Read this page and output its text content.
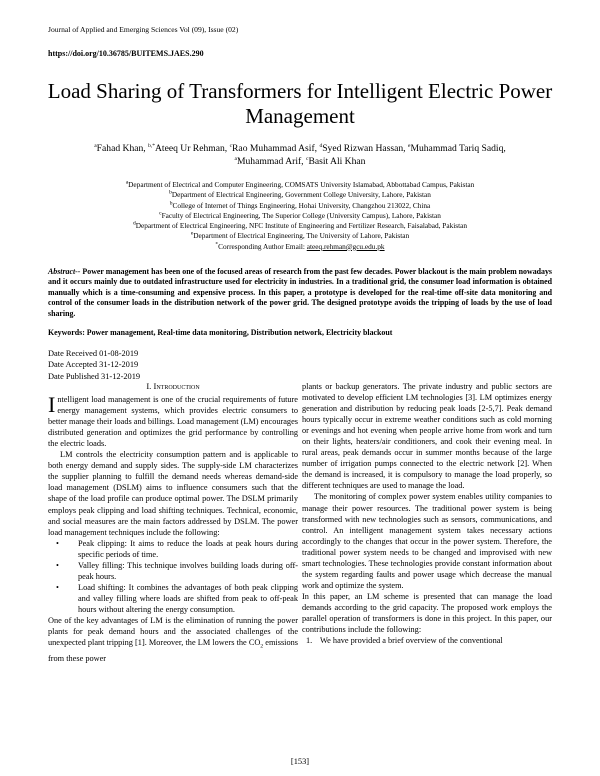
Journal of Applied and Emerging Sciences Vol (09), Issue (02)
https://doi.org/10.36785/BUITEMS.JAES.290
Load Sharing of Transformers for Intelligent Electric Power Management
$^a$Fahad Khan, $^{b,*}$Ateeq Ur Rehman, $^c$Rao Muhammad Asif, $^d$Syed Rizwan Hassan, $^e$Muhammad Tariq Sadiq, $^a$Muhammad Arif, $^c$Basit Ali Khan
$^a$Department of Electrical and Computer Engineering, COMSATS University Islamabad, Abbottabad Campus, Pakistan
$^b$Department of Electrical Engineering, Government College University, Lahore, Pakistan
$^b$College of Internet of Things Engineering, Hohai University, Changzhou 213022, China
$^c$Faculty of Electrical Engineering, The Superior College (University Campus), Lahore, Pakistan
$^d$Department of Electrical Engineering, NFC Institute of Engineering and Fertilizer Research, Faisalabad, Pakistan
$^e$Department of Electrical Engineering, The University of Lahore, Pakistan
*Corresponding Author Email: ateeq.rehman@gcu.edu.pk
Abstract-- Power management has been one of the focused areas of research from the past few decades. Power blackout is the main problem nowadays and it occurs mainly due to outdated infrastructure used for electricity in industries. In a traditional grid, the consumer load information is obtained manually which is a time-consuming and expensive process. In this paper, a prototype is developed for the real-time off-site data monitoring and control of the consumer loads in the distribution network of the power grid. The designed prototype avoids the tripping of loads by the use of load sharing.
Keywords: Power management, Real-time data monitoring, Distribution network, Electricity blackout
Date Received 01-08-2019
Date Accepted 31-12-2019
Date Published 31-12-2019
I. Introduction

Intelligent load management is one of the crucial requirements of future energy management systems, which provides electric consumers to better manage their loads and billings. Load management (LM) encourages distributed generation and optimizes the grid performance by controlling the electric loads.

LM controls the electricity consumption pattern and is applicable to both energy demand and supply sides. The supply-side LM characterizes the supplier planning to fulfill the demand needs whereas demand-side load management (DSLM) aims to influence consumers such that the shape of the load profile can produce optimal power. The DSLM primarily employs peak clipping and load shifting techniques. Technical, economic, and social measures are the main factors addressed by DSLM. The power load management techniques include the following:

• Peak clipping: It aims to reduce the loads at peak hours during specific periods of time.
• Valley filling: This technique involves building loads during off-peak hours.
• Load shifting: It combines the advantages of both peak clipping and valley filling where loads are shifted from peak to off-peak hours without altering the energy consumption.

One of the key advantages of LM is the elimination of running the power plants for peak demand hours and the associated challenges of the unexpected plant tripping [1]. Moreover, the LM lowers the $CO_2$ emissions from these power

plants or backup generators. The private industry and public sectors are motivated to develop efficient LM technologies [3]. LM optimizes energy generation and distribution by reducing peak loads [2-5,7]. Peak demand hours typically occur in extreme weather conditions such as cold morning or evenings and hot evening when people arrive home from work and turn on their lights, heaters/air conditioners, and cook their evening meal. In rural areas, peak demands occur in summer months because of the large number of irrigation pumps connected to the electric network [2]. When the demand is increased, it is compulsory to manage the load properly, so different techniques are used to manage the load.

The monitoring of complex power system enables utility companies to manage their power resources. The traditional power system is being transformed with new technologies such as sensors, communications, and control. An intelligent management system takes necessary actions accordingly to the changes that occur in the power system. Therefore, the traditional power system needs to be changed and improvised with new smart technologies. These technologies provide constant information about the system regarding faults and power usage which decrease the manual work and optimize the system.

In this paper, an LM scheme is presented that can manage the load demands according to the grid capacity. The proposed work employs the parallel operation of transformers is done in this project. In this paper, our contributions include the following:

1. We have provided a brief overview of the conventional
[153]
